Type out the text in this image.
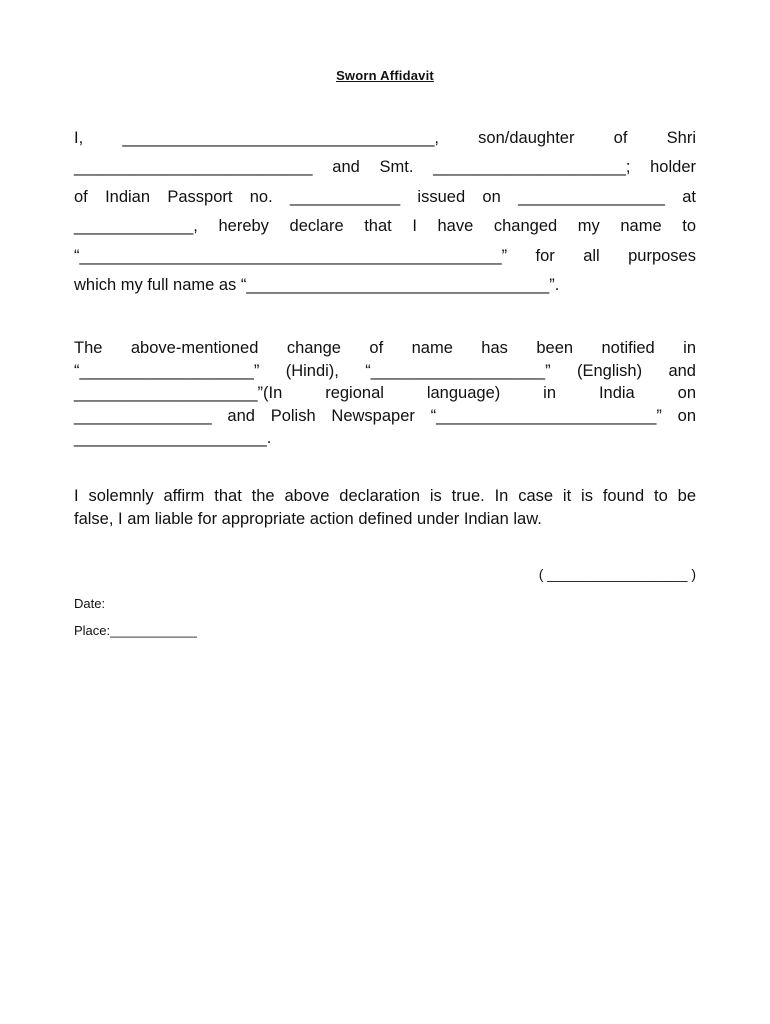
Sworn Affidavit
I, __________________________________, son/daughter of Shri
__________________________ and Smt. _____________________; holder
of Indian Passport no. ____________ issued on ________________ at
_____________, hereby declare that I have changed my name to
“______________________________________________” for all purposes
which my full name as “_________________________________”.
The above-mentioned change of name has been notified in
“___________________” (Hindi), “___________________” (English) and
____________________”(In regional language) in India on
_______________ and Polish Newspaper “________________________” on
_____________________.
I solemnly affirm that the above declaration is true. In case it is found to be
false, I am liable for appropriate action defined under Indian law.
( __________________ )
Date:
Place:____________
